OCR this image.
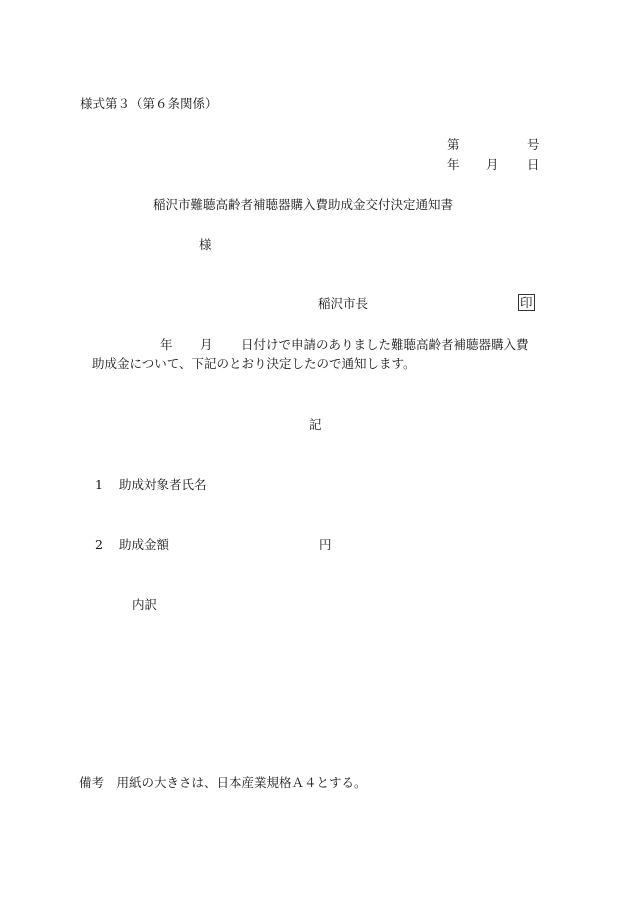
様式第３（第６条関係）
第	号
年 月 日
稲沢市難聴高齢者補聴器購入費助成金交付決定通知書
様
稲沢市長	印
年 月 日付けで申請のありました難聴高齢者補聴器購入費
助成金について、下記のとおり決定したので通知します。
記
1 助成対象者氏名
2 助成金額	円
内訳
備考　用紙の大きさは、日本産業規格Ａ４とする。
